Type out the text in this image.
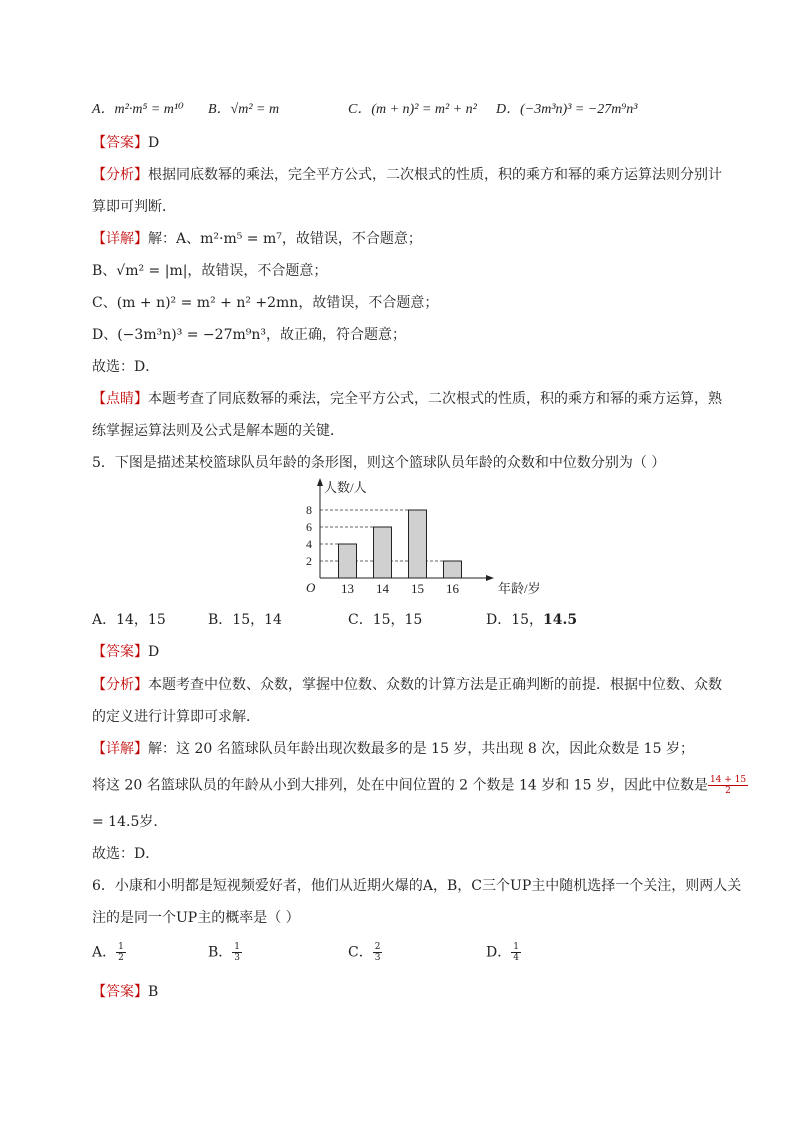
A．m²·m⁵ = m¹⁰ B．√m² = m	C．(m + n)² = m² + n² D．(−3m³n)³ = −27m⁹n³
【答案】D
【分析】根据同底数幂的乘法，完全平方公式，二次根式的性质，积的乘方和幂的乘方运算法则分别计
算即可判断．
【详解】解：A、m²·m⁵ = m⁷，故错误，不合题意；
B、√m² = |m|，故错误，不合题意；
C、(m + n)² = m² + n² +2mn，故错误，不合题意；
D、(−3m³n)³ = −27m⁹n³，故正确，符合题意；
故选：D．
【点睛】本题考查了同底数幂的乘法，完全平方公式，二次根式的性质，积的乘方和幂的乘方运算，熟
练掌握运算法则及公式是解本题的关键．
5．下图是描述某校篮球队员年龄的条形图，则这个篮球队员年龄的众数和中位数分别为（ ）
人数/人
年龄/岁
O
2
4
6
8
13 14 15 16
A．14，15	B．15，14	C．15，15	D．15，14.5
【答案】D
【分析】本题考查中位数、众数，掌握中位数、众数的计算方法是正确判断的前提．根据中位数、众数
的定义进行计算即可求解．
【详解】解：这 20 名篮球队员年龄出现次数最多的是 15 岁，共出现 8 次，因此众数是 15 岁；
将这 20 名篮球队员的年龄从小到大排列，处在中间位置的 2 个数是 14 岁和 15 岁，因此中位数是 $\frac{14 + 15}{2}$
= 14.5岁．
故选：D．
6．小康和小明都是短视频爱好者，他们从近期火爆的A，B，C三个UP主中随机选择一个关注，则两人关
注的是同一个UP主的概率是（ ）
A． $\frac{1}{2}$	B． $\frac{1}{3}$	C． $\frac{2}{3}$	D． $\frac{1}{4}$
【答案】B
